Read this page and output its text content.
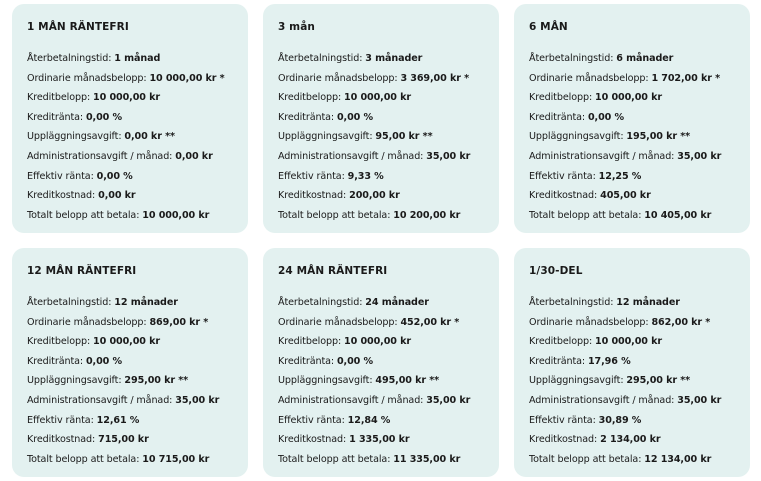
1 MÅN RÄNTEFRI
Återbetalningstid: 1 månad
Ordinarie månadsbelopp: 10 000,00 kr *
Kreditbelopp: 10 000,00 kr
Kreditränta: 0,00 %
Uppläggningsavgift: 0,00 kr **
Administrationsavgift / månad: 0,00 kr
Effektiv ränta: 0,00 %
Kreditkostnad: 0,00 kr
Totalt belopp att betala: 10 000,00 kr
3 mån
Återbetalningstid: 3 månader
Ordinarie månadsbelopp: 3 369,00 kr *
Kreditbelopp: 10 000,00 kr
Kreditränta: 0,00 %
Uppläggningsavgift: 95,00 kr **
Administrationsavgift / månad: 35,00 kr
Effektiv ränta: 9,33 %
Kreditkostnad: 200,00 kr
Totalt belopp att betala: 10 200,00 kr
6 MÅN
Återbetalningstid: 6 månader
Ordinarie månadsbelopp: 1 702,00 kr *
Kreditbelopp: 10 000,00 kr
Kreditränta: 0,00 %
Uppläggningsavgift: 195,00 kr **
Administrationsavgift / månad: 35,00 kr
Effektiv ränta: 12,25 %
Kreditkostnad: 405,00 kr
Totalt belopp att betala: 10 405,00 kr
12 MÅN RÄNTEFRI
Återbetalningstid: 12 månader
Ordinarie månadsbelopp: 869,00 kr *
Kreditbelopp: 10 000,00 kr
Kreditränta: 0,00 %
Uppläggningsavgift: 295,00 kr **
Administrationsavgift / månad: 35,00 kr
Effektiv ränta: 12,61 %
Kreditkostnad: 715,00 kr
Totalt belopp att betala: 10 715,00 kr
24 MÅN RÄNTEFRI
Återbetalningstid: 24 månader
Ordinarie månadsbelopp: 452,00 kr *
Kreditbelopp: 10 000,00 kr
Kreditränta: 0,00 %
Uppläggningsavgift: 495,00 kr **
Administrationsavgift / månad: 35,00 kr
Effektiv ränta: 12,84 %
Kreditkostnad: 1 335,00 kr
Totalt belopp att betala: 11 335,00 kr
1/30-DEL
Återbetalningstid: 12 månader
Ordinarie månadsbelopp: 862,00 kr *
Kreditbelopp: 10 000,00 kr
Kreditränta: 17,96 %
Uppläggningsavgift: 295,00 kr **
Administrationsavgift / månad: 35,00 kr
Effektiv ränta: 30,89 %
Kreditkostnad: 2 134,00 kr
Totalt belopp att betala: 12 134,00 kr
